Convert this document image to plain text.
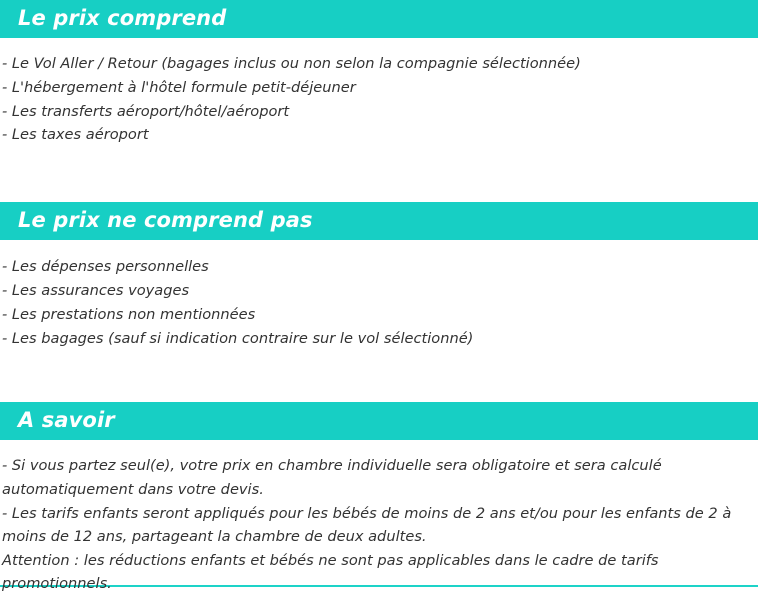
Le prix comprend
- Le Vol Aller / Retour (bagages inclus ou non selon la compagnie sélectionnée)
- L'hébergement à l'hôtel formule petit-déjeuner
- Les transferts aéroport/hôtel/aéroport
- Les taxes aéroport
Le prix ne comprend pas
- Les dépenses personnelles
- Les assurances voyages
- Les prestations non mentionnées
- Les bagages (sauf si indication contraire sur le vol sélectionné)
A savoir
- Si vous partez seul(e), votre prix en chambre individuelle sera obligatoire et sera calculé automatiquement dans votre devis.
- Les tarifs enfants seront appliqués pour les bébés de moins de 2 ans et/ou pour les enfants de 2 à moins de 12 ans, partageant la chambre de deux adultes.
Attention : les réductions enfants et bébés ne sont pas applicables dans le cadre de tarifs promotionnels.
